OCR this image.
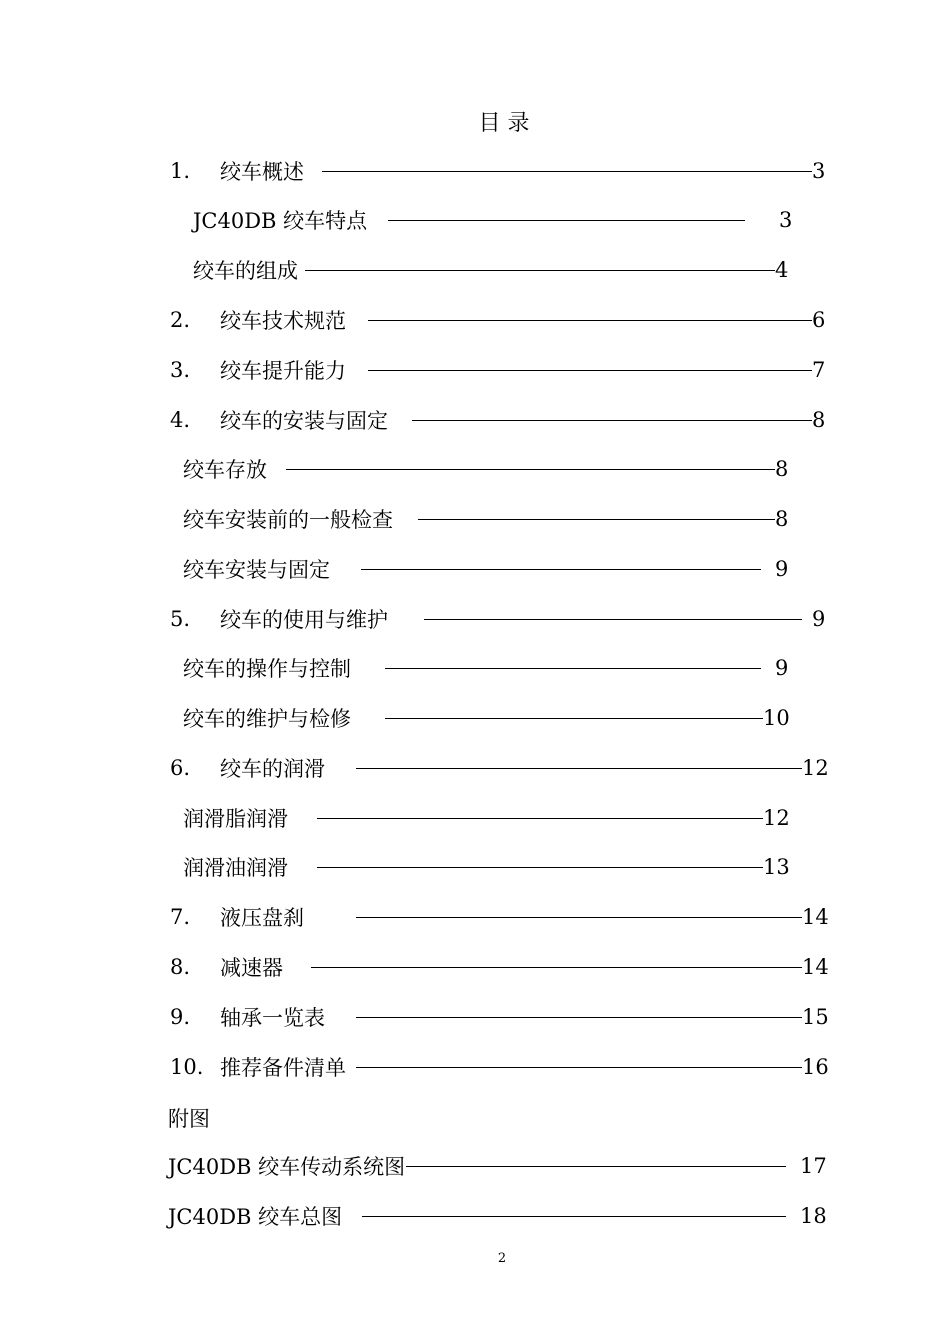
目 录
1.	绞车概述	3
JC40DB 绞车特点	3
绞车的组成	4
2.	绞车技术规范	6
3.	绞车提升能力	7
4.	绞车的安装与固定	8
绞车存放	8
绞车安装前的一般检查	8
绞车安装与固定	9
5.	绞车的使用与维护	9
绞车的操作与控制	9
绞车的维护与检修	10
6.	绞车的润滑	12
润滑脂润滑	12
润滑油润滑	13
7.	液压盘刹	14
8.	减速器	14
9.	轴承一览表	15
10. 推荐备件清单	16
附图
JC40DB 绞车传动系统图	17
JC40DB 绞车总图	18
2
